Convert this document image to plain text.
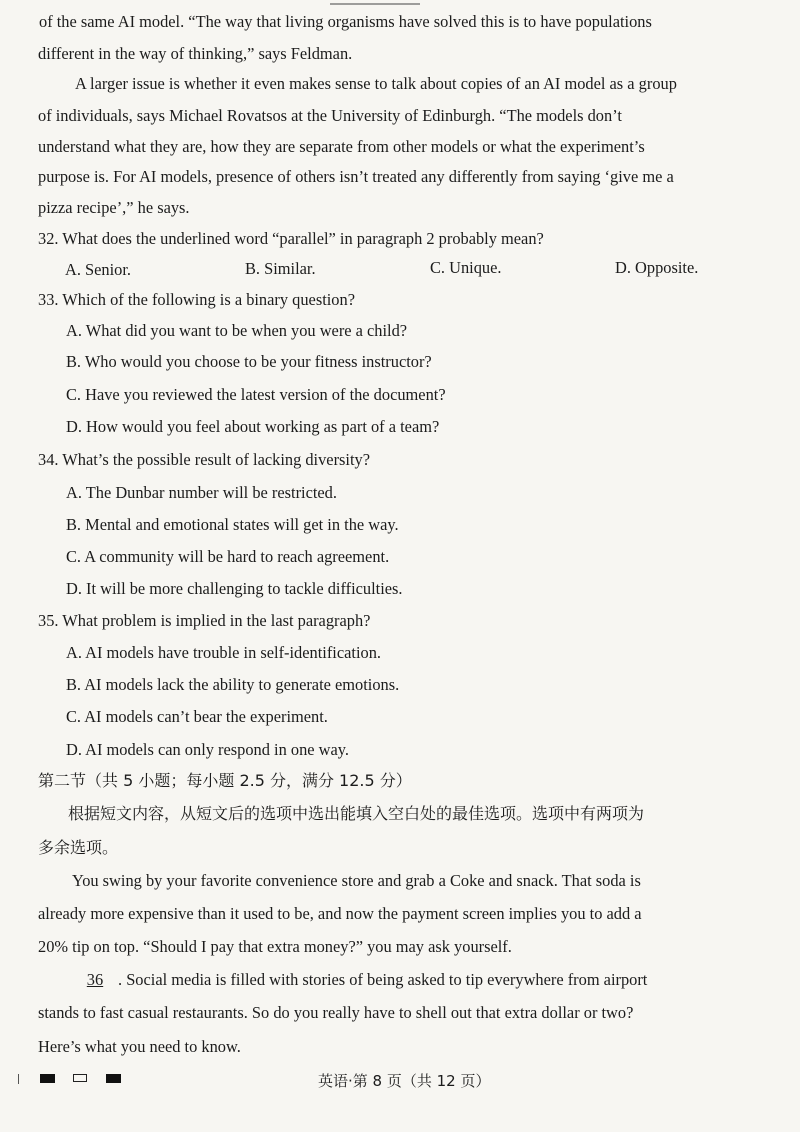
of the same AI model. “The way that living organisms have solved this is to have populations
different in the way of thinking,” says Feldman.
A larger issue is whether it even makes sense to talk about copies of an AI model as a group
of individuals, says Michael Rovatsos at the University of Edinburgh. “The models don’t
understand what they are, how they are separate from other models or what the experiment’s
purpose is. For AI models, presence of others isn’t treated any differently from saying ‘give me a
pizza recipe’,” he says.
32. What does the underlined word “parallel” in paragraph 2 probably mean?
A. Senior.	B. Similar.	C. Unique.	D. Opposite.
33. Which of the following is a binary question?
A. What did you want to be when you were a child?
B. Who would you choose to be your fitness instructor?
C. Have you reviewed the latest version of the document?
D. How would you feel about working as part of a team?
34. What’s the possible result of lacking diversity?
A. The Dunbar number will be restricted.
B. Mental and emotional states will get in the way.
C. A community will be hard to reach agreement.
D. It will be more challenging to tackle difficulties.
35. What problem is implied in the last paragraph?
A. AI models have trouble in self-identification.
B. AI models lack the ability to generate emotions.
C. AI models can’t bear the experiment.
D. AI models can only respond in one way.
第二节（共 5 小题；每小题 2.5 分，满分 12.5 分）
根据短文内容，从短文后的选项中选出能填入空白处的最佳选项。选项中有两项为
多余选项。
You swing by your favorite convenience store and grab a Coke and snack. That soda is
already more expensive than it used to be, and now the payment screen implies you to add a
20% tip on top. “Should I pay that extra money?” you may ask yourself.
36 . Social media is filled with stories of being asked to tip everywhere from airport
stands to fast casual restaurants. So do you really have to shell out that extra dollar or two?
Here’s what you need to know.
英语·第 8 页（共 12 页）
